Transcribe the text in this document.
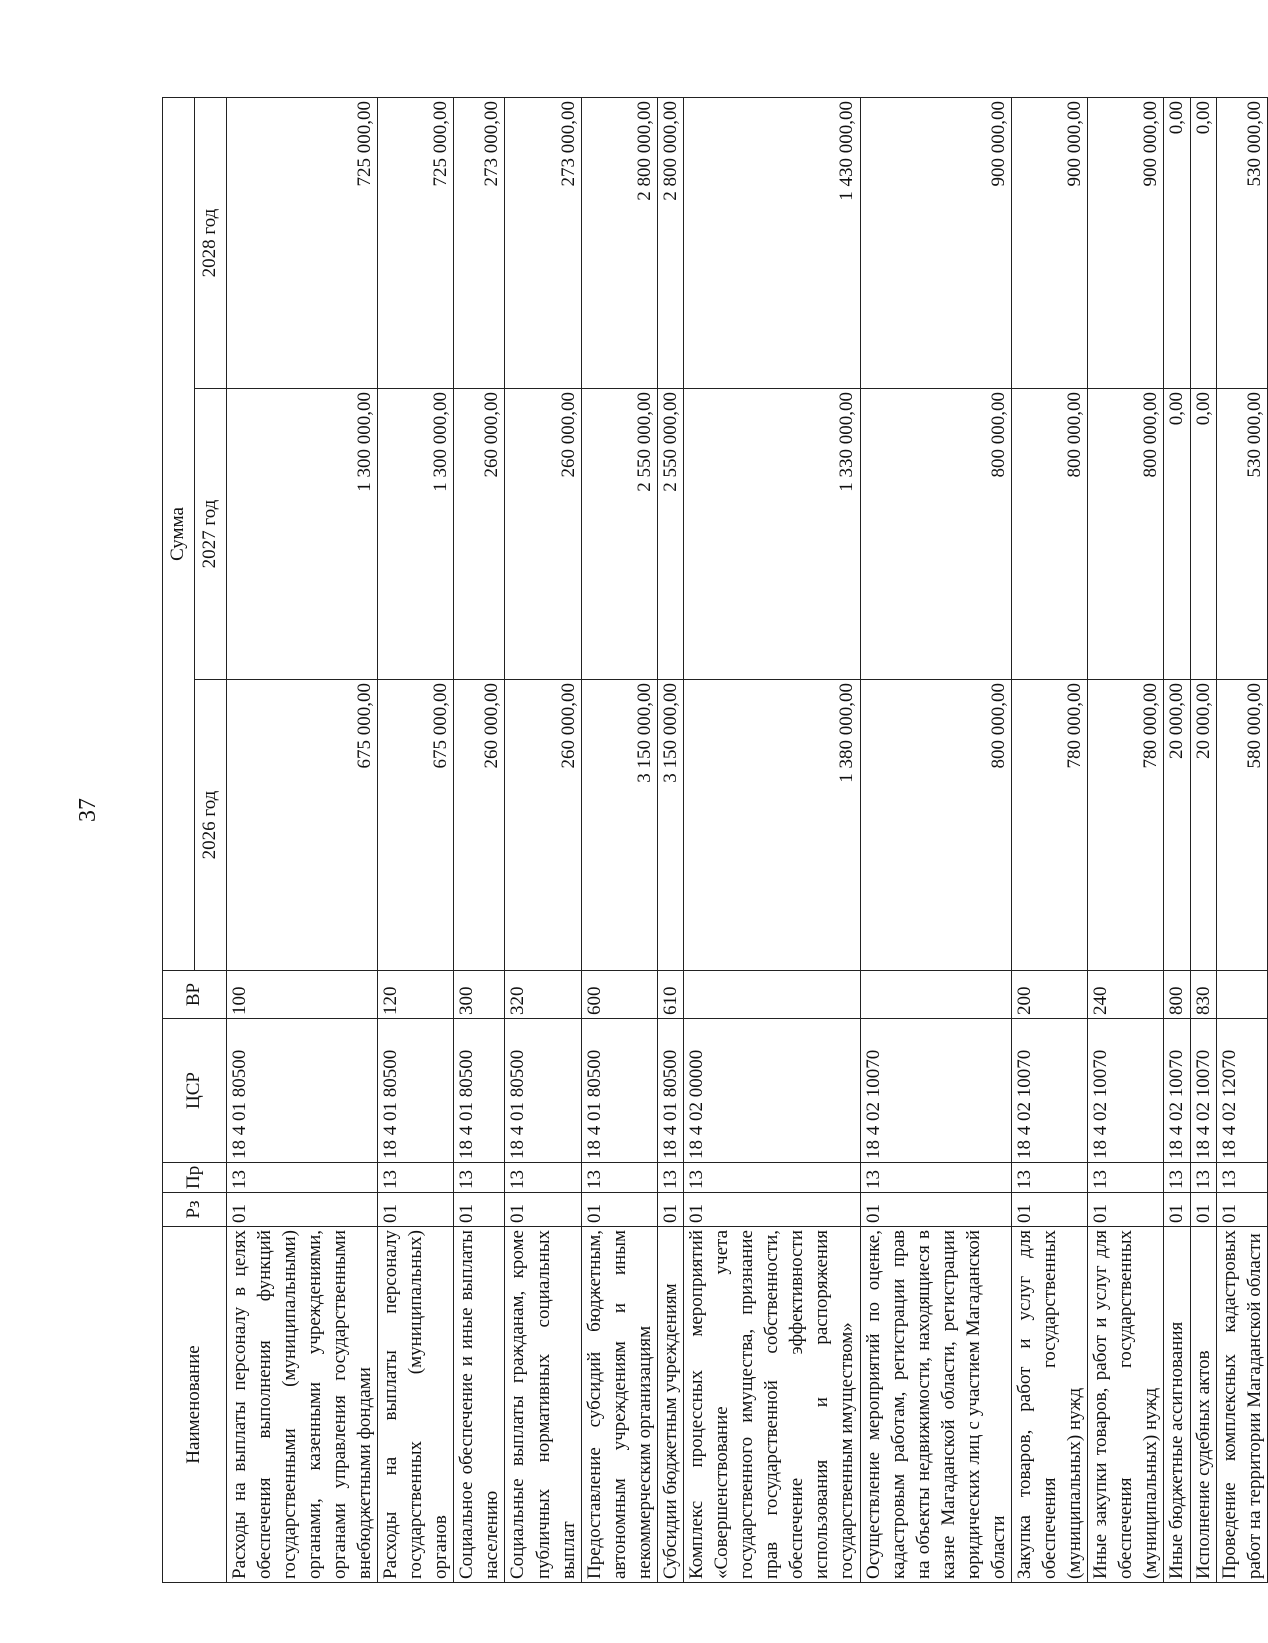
37
Наименование	Рз	Пр	ЦСР	ВР	Сумма		
					2026 год	2027 год	2028 год
Расходы на выплаты персоналу в целях обеспечения выполнения функций государственными (муниципальными) органами, казенными учреждениями, органами управления государственными внебюджетными фондами	01	13	18 4 01 80500	100	675 000,00	1 300 000,00	725 000,00
Расходы на выплаты персоналу государственных (муниципальных) органов	01	13	18 4 01 80500	120	675 000,00	1 300 000,00	725 000,00
Социальное обеспечение и иные выплаты населению	01	13	18 4 01 80500	300	260 000,00	260 000,00	273 000,00
Социальные выплаты гражданам, кроме публичных нормативных социальных выплат	01	13	18 4 01 80500	320	260 000,00	260 000,00	273 000,00
Предоставление субсидий бюджетным, автономным учреждениям и иным некоммерческим организациям	01	13	18 4 01 80500	600	3 150 000,00	2 550 000,00	2 800 000,00
Субсидии бюджетным учреждениям	01	13	18 4 01 80500	610	3 150 000,00	2 550 000,00	2 800 000,00
Комплекс процессных мероприятий «Совершенствование учета государственного имущества, признание прав государственной собственности, обеспечение эффективности использования и распоряжения государственным имуществом»	01	13	18 4 02 00000		1 380 000,00	1 330 000,00	1 430 000,00
Осуществление мероприятий по оценке, кадастровым работам, регистрации прав на объекты недвижимости, находящиеся в казне Магаданской области, регистрации юридических лиц с участием Магаданской области	01	13	18 4 02 10070		800 000,00	800 000,00	900 000,00
Закупка товаров, работ и услуг для обеспечения государственных (муниципальных) нужд	01	13	18 4 02 10070	200	780 000,00	800 000,00	900 000,00
Иные закупки товаров, работ и услуг для обеспечения государственных (муниципальных) нужд	01	13	18 4 02 10070	240	780 000,00	800 000,00	900 000,00
Иные бюджетные ассигнования	01	13	18 4 02 10070	800	20 000,00	0,00	0,00
Исполнение судебных актов	01	13	18 4 02 10070	830	20 000,00	0,00	0,00
Проведение комплексных кадастровых работ на территории Магаданской области	01	13	18 4 02 12070		580 000,00	530 000,00	530 000,00
